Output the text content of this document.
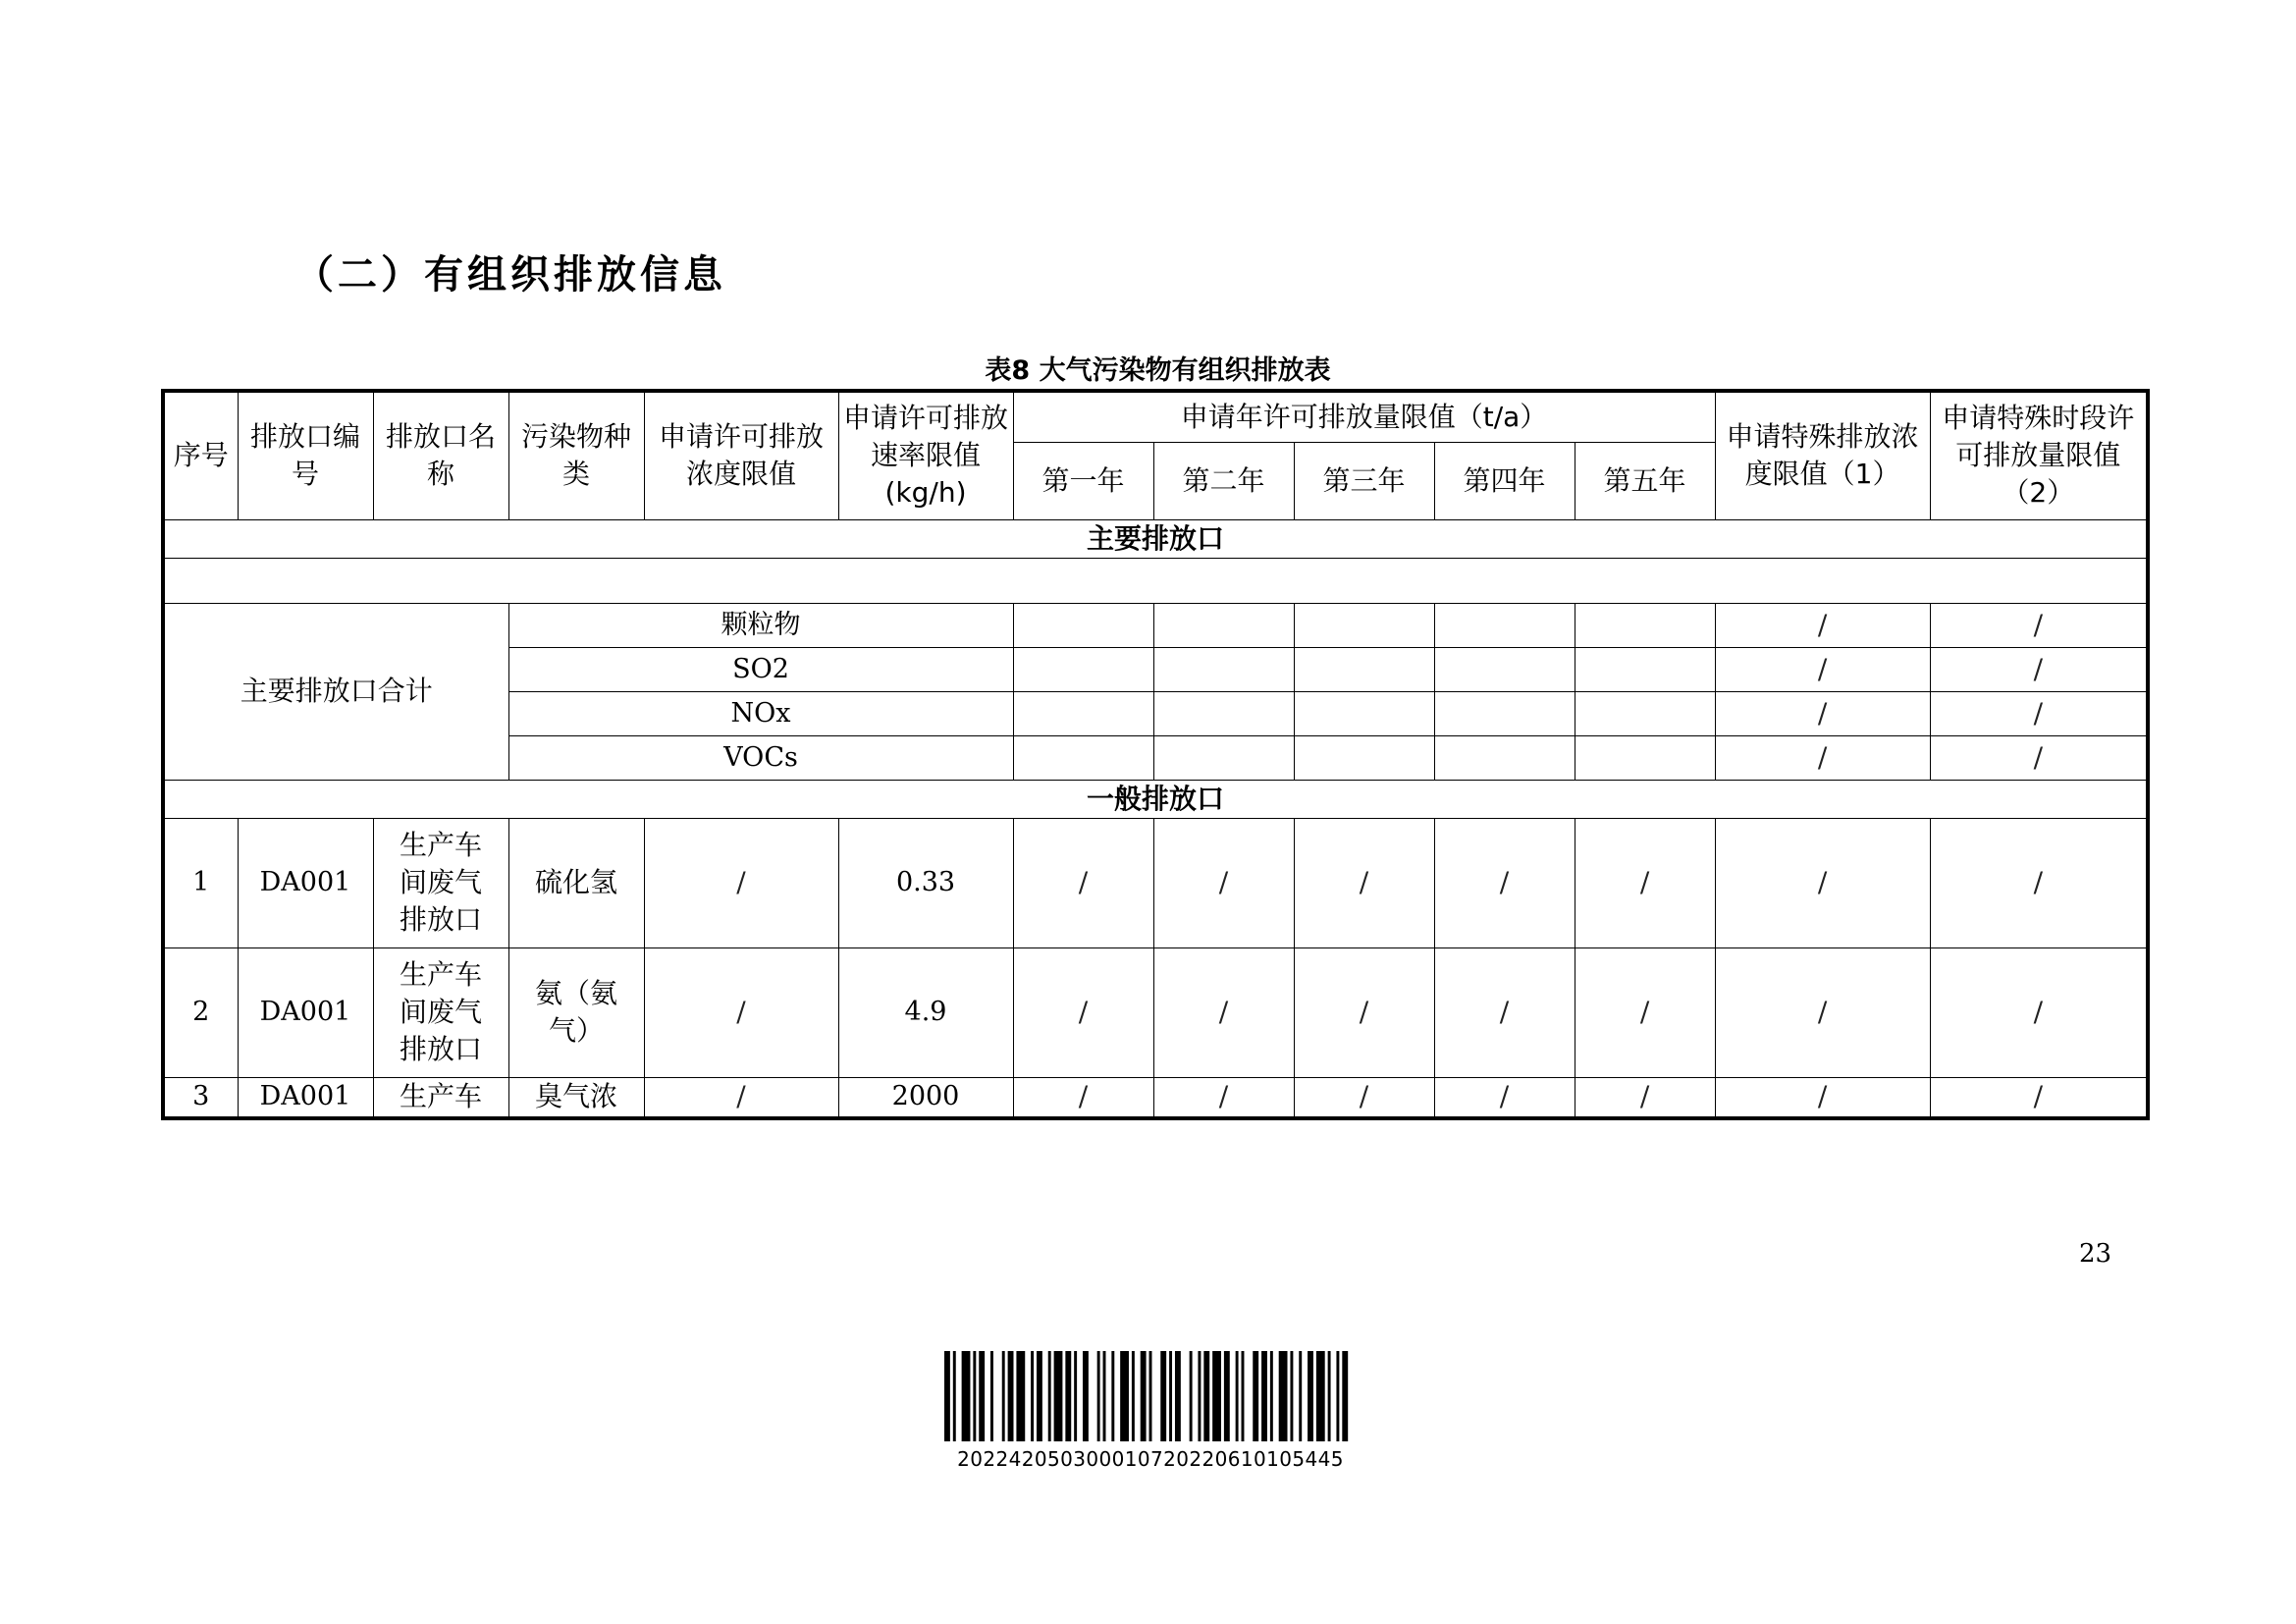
（二）有组织排放信息
表8 大气污染物有组织排放表
序号	排放口编号	排放口名称	污染物种类	申请许可排放浓度限值	申请许可排放速率限值(kg/h)	申请年许可排放量限值（t/a）					申请特殊排放浓度限值（1）	申请特殊时段许可排放量限值（2）
						第一年	第二年	第三年	第四年	第五年		
主要排放口												

主要排放口合计			颗粒物								/	/
			SO2								/	/
			NOx								/	/
			VOCs								/	/
一般排放口												
1	DA001	生产车间废气排放口	硫化氢	/	0.33	/	/	/	/	/	/	/
2	DA001	生产车间废气排放口	氨（氨气）	/	4.9	/	/	/	/	/	/	/
3	DA001	生产车	臭气浓	/	2000	/	/	/	/	/	/	/
23
20224205030001072022061010544​5
